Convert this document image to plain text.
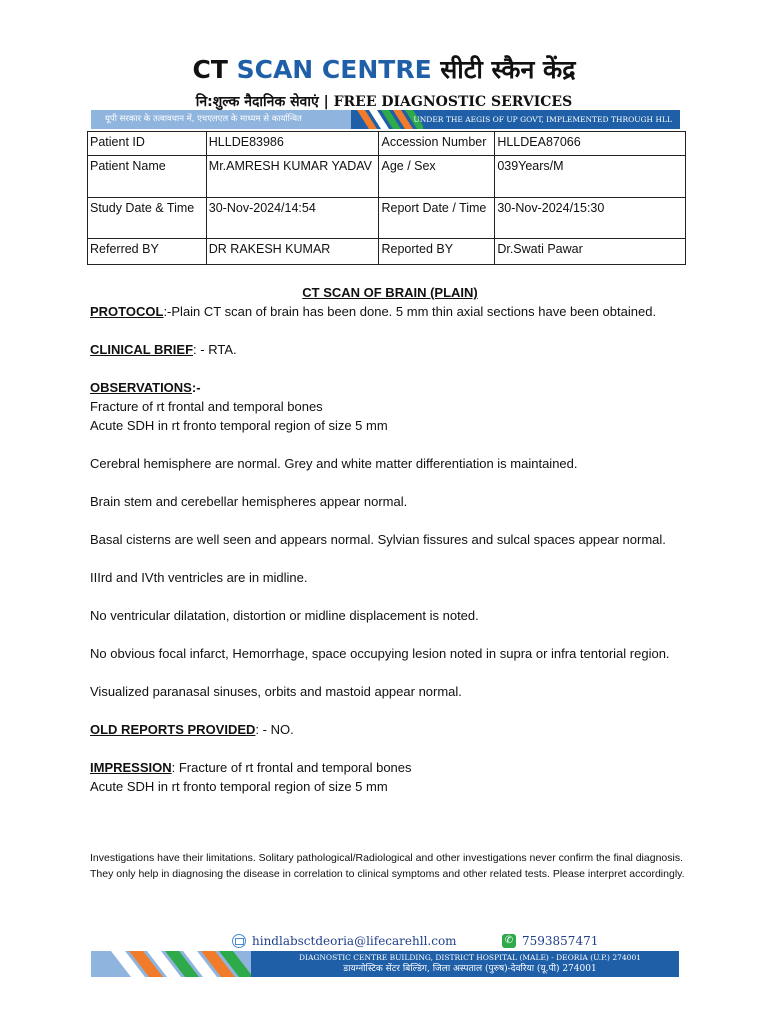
CT SCAN CENTRE सीटी स्कैन केंद्र
नि:शुल्क नैदानिक सेवाएं | FREE DIAGNOSTIC SERVICES
यूपी सरकार के तत्वावधान में, एचएलएल के माध्यम से कार्यान्वित	UNDER THE AEGIS OF UP GOVT, IMPLEMENTED THROUGH HLL
Patient ID	HLLDE83986	Accession Number	HLLDEA87066
Patient Name	Mr.AMRESH KUMAR YADAV	Age / Sex	039Years/M
Study Date & Time	30-Nov-2024/14:54	Report Date / Time	30-Nov-2024/15:30
Referred BY	DR RAKESH KUMAR	Reported BY	Dr.Swati Pawar

CT SCAN OF BRAIN (PLAIN)

PROTOCOL:-Plain CT scan of brain has been done. 5 mm thin axial sections have been obtained.

CLINICAL BRIEF: - RTA.

OBSERVATIONS:-
Fracture of rt frontal and temporal bones
Acute SDH in rt fronto temporal region of size 5 mm

Cerebral hemisphere are normal. Grey and white matter differentiation is maintained.

Brain stem and cerebellar hemispheres appear normal.

Basal cisterns are well seen and appears normal. Sylvian fissures and sulcal spaces appear normal.

IIIrd and IVth ventricles are in midline.

No ventricular dilatation, distortion or midline displacement is noted.

No obvious focal infarct, Hemorrhage, space occupying lesion noted in supra or infra tentorial region.

Visualized paranasal sinuses, orbits and mastoid appear normal.

OLD REPORTS PROVIDED: - NO.

IMPRESSION: Fracture of rt frontal and temporal bones
Acute SDH in rt fronto temporal region of size 5 mm

Investigations have their limitations. Solitary pathological/Radiological and other investigations never confirm the final diagnosis. They only help in diagnosing the disease in correlation to clinical symptoms and other related tests. Please interpret accordingly.
hindlabsctdeoria@lifecarehll.com	✆ 7593857471
DIAGNOSTIC CENTRE BUILDING, DISTRICT HOSPITAL (MALE) - DEORIA (U.P.) 274001
डायग्नोस्टिक सेंटर बिल्डिंग, जिला अस्पताल (पुरुष)-देवरिया (यू.पी) 274001
